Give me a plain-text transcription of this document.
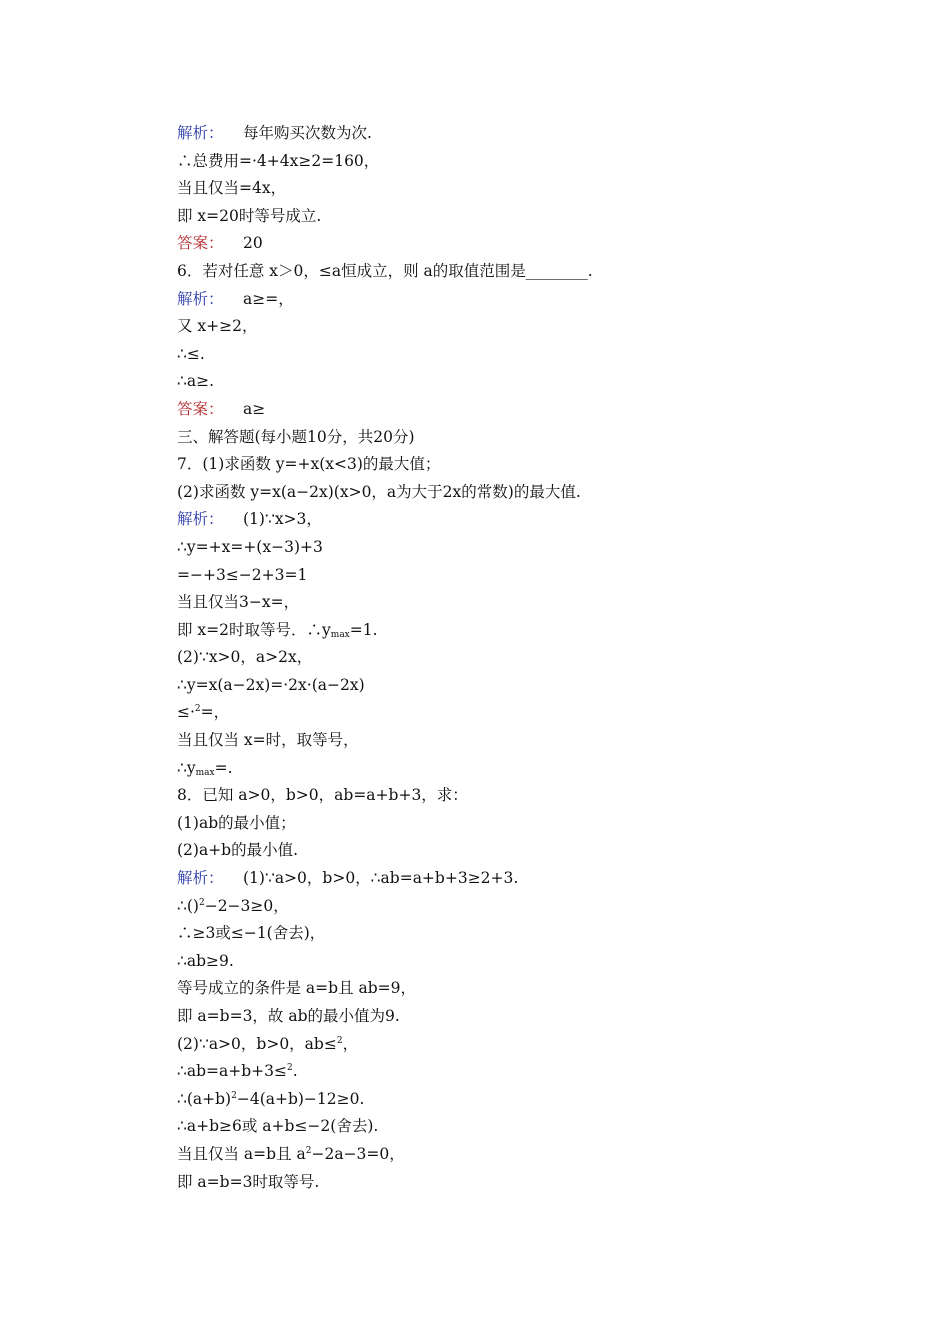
解析： 每年购买次数为次.
∴总费用=·4+4x≥2=160，
当且仅当=4x，
即 x=20时等号成立.
答案： 20
6．若对任意 x＞0，≤a恒成立，则 a的取值范围是________.
解析： a≥=，
又 x+≥2，
∴≤.
∴a≥.
答案： a≥
三、解答题(每小题10分，共20分)
7．(1)求函数 y=+x(x<3)的最大值；
(2)求函数 y=x(a−2x)(x>0，a为大于2x的常数)的最大值.
解析： (1)∵x>3，
∴y=+x=+(x−3)+3
=−+3≤−2+3=1
当且仅当3−x=，
即 x=2时取等号．$\therefore y_{max}=1$.
(2)∵x>0，a>2x，
∴y=x(a−2x)=·2x·(a−2x)
≤·$^2$=，
当且仅当 x=时，取等号，
$\therefore y_{max}=$.
8．已知 a>0，b>0，ab=a+b+3，求：
(1)ab的最小值；
(2)a+b的最小值.
解析： (1)∵a>0，b>0，∴ab=a+b+3≥2+3.
∴()$^2$−2−3≥0，
∴≥3或≤−1(舍去)，
∴ab≥9.
等号成立的条件是 a=b且 ab=9，
即 a=b=3，故 ab的最小值为9.
(2)∵a>0，b>0，ab≤$^2$，
∴ab=a+b+3≤$^2$.
$\therefore(a+b)^2-4(a+b)-12\ge 0$.
∴a+b≥6或 a+b≤−2(舍去).
当且仅当 a=b且 $a^2-2a-3=0$，
即 a=b=3时取等号.
